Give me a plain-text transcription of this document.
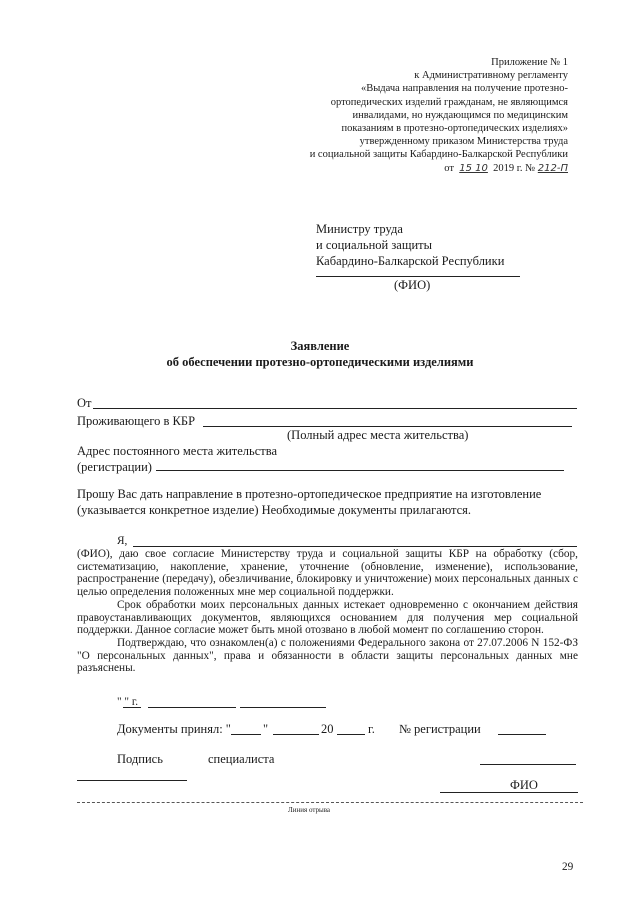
Приложение № 1
к Административному регламенту
«Выдача направления на получение протезно-
ортопедических изделий гражданам, не являющимся
инвалидами, но нуждающимся по медицинским
показаниям в протезно-ортопедических изделиях»
утвержденному приказом Министерства труда
и социальной защиты Кабардино-Балкарской Республики
от 15 10 2019 г. № 212-П
Министру труда
и социальной защиты
Кабардино-Балкарской Республики
(ФИО)
Заявление
об обеспечении протезно-ортопедическими изделиями
От
Проживающего в КБР
(Полный адрес места жительства)
Адрес постоянного места жительства
(регистрации)
Прошу Вас дать направление в протезно-ортопедическое предприятие на изготовление
(указывается конкретное изделие) Необходимые документы прилагаются.
Я,

(ФИО), даю свое согласие Министерству труда и социальной защиты КБР на обработку (сбор, систематизацию, накопление, хранение, уточнение (обновление, изменение), использование, распространение (передачу), обезличивание, блокировку и уничтожение) моих персональных данных с целью определения положенных мне мер социальной поддержки.

Срок обработки моих персональных данных истекает одновременно с окончанием действия правоустанавливающих документов, являющихся основанием для получения мер социальной поддержки. Данное согласие может быть мной отозвано в любой момент по соглашению сторон.

Подтверждаю, что ознакомлен(а) с положениями Федерального закона от 27.07.2006 N 152-ФЗ "О персональных данных", права и обязанности в области защиты персональных данных мне разъяснены.

" " г.
Документы принял: "	"	20	г. № регистрации
Подпись	специалиста
ФИО
Линия отрыва
29
